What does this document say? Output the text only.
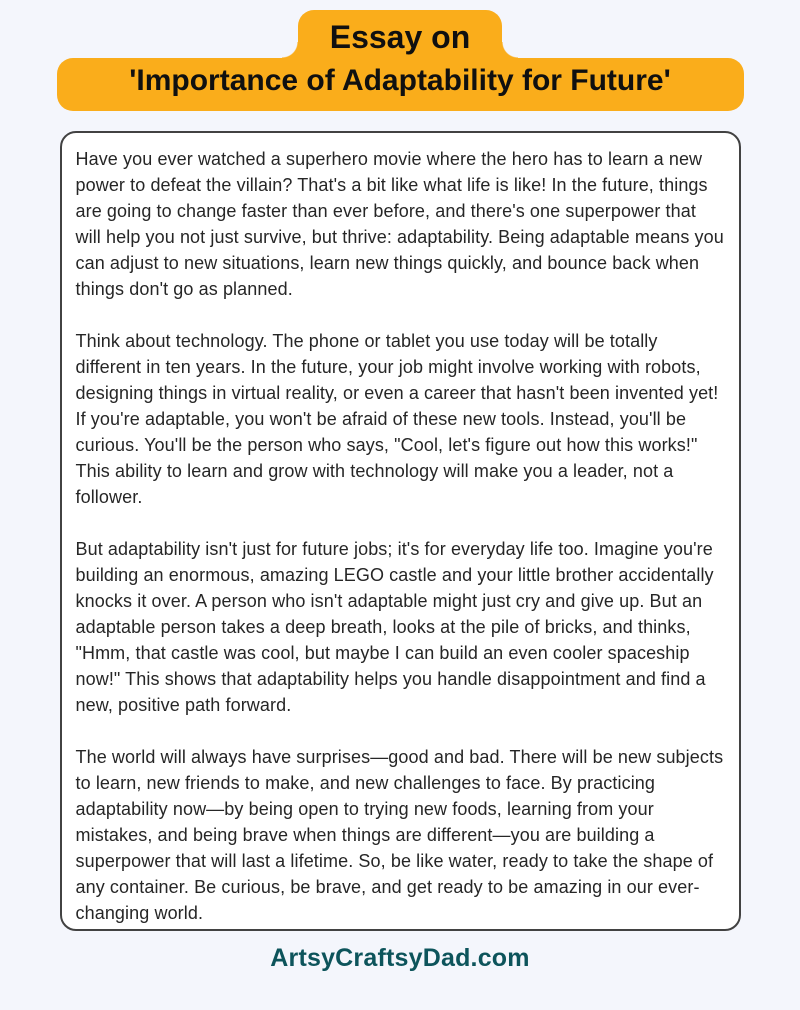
Essay on
'Importance of Adaptability for Future'

Have you ever watched a superhero movie where the hero has to learn a new power to defeat the villain? That's a bit like what life is like! In the future, things are going to change faster than ever before, and there's one superpower that will help you not just survive, but thrive: adaptability. Being adaptable means you can adjust to new situations, learn new things quickly, and bounce back when things don't go as planned.

Think about technology. The phone or tablet you use today will be totally different in ten years. In the future, your job might involve working with robots, designing things in virtual reality, or even a career that hasn't been invented yet! If you're adaptable, you won't be afraid of these new tools. Instead, you'll be curious. You'll be the person who says, "Cool, let's figure out how this works!" This ability to learn and grow with technology will make you a leader, not a follower.

But adaptability isn't just for future jobs; it's for everyday life too. Imagine you're building an enormous, amazing LEGO castle and your little brother accidentally knocks it over. A person who isn't adaptable might just cry and give up. But an adaptable person takes a deep breath, looks at the pile of bricks, and thinks, "Hmm, that castle was cool, but maybe I can build an even cooler spaceship now!" This shows that adaptability helps you handle disappointment and find a new, positive path forward.

The world will always have surprises—good and bad. There will be new subjects to learn, new friends to make, and new challenges to face. By practicing adaptability now—by being open to trying new foods, learning from your mistakes, and being brave when things are different—you are building a superpower that will last a lifetime. So, be like water, ready to take the shape of any container. Be curious, be brave, and get ready to be amazing in our ever-changing world.

ArtsyCraftsyDad.com
